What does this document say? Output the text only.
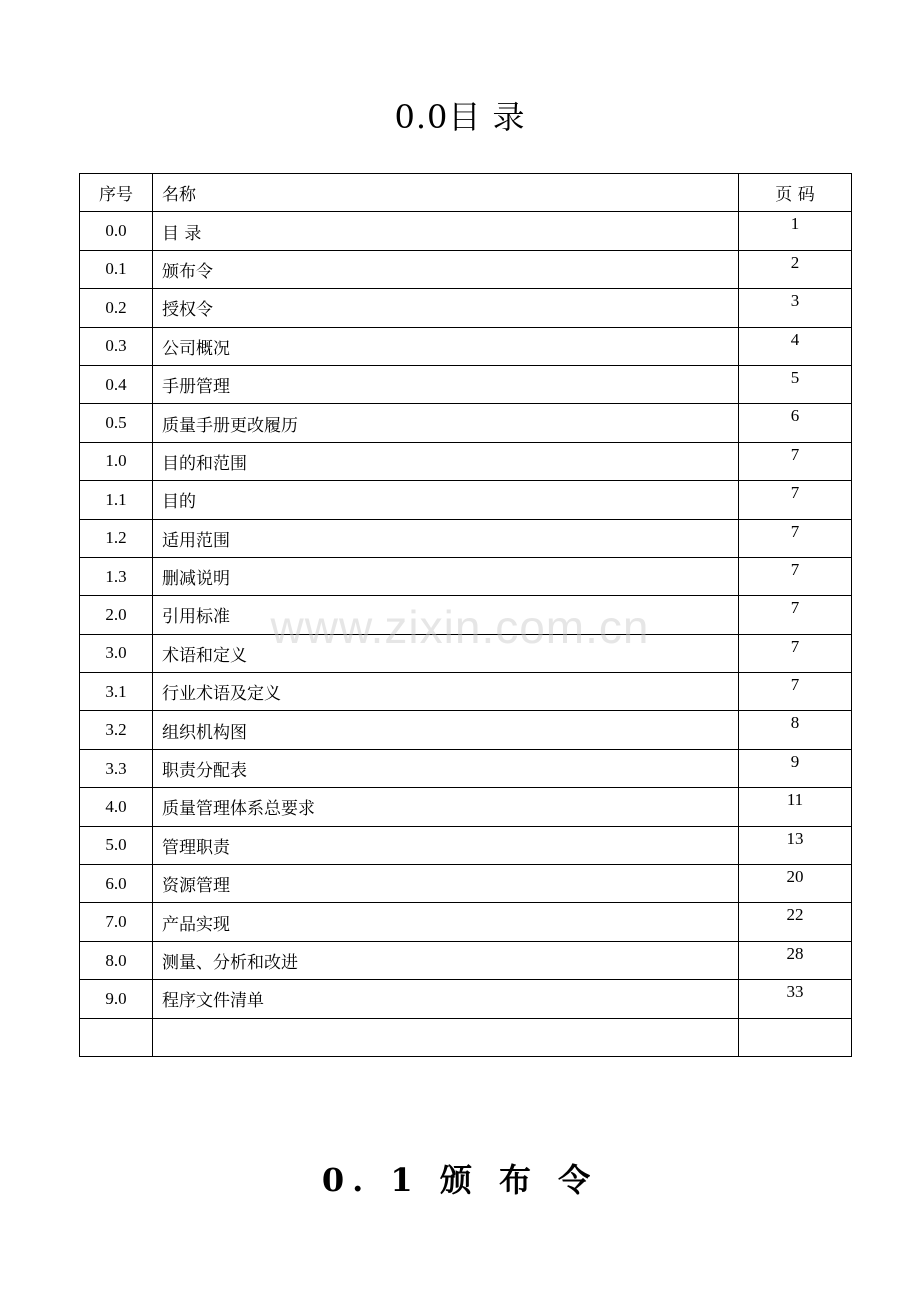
0.0目 录
序号	名称	页 码
0.0	目 录	1
0.1	颁布令	2
0.2	授权令	3
0.3	公司概况	4
0.4	手册管理	5
0.5	质量手册更改履历	6
1.0	目的和范围	7
1.1	目的	7
1.2	适用范围	7
1.3	删减说明	7
2.0	引用标准	7
3.0	术语和定义	7
3.1	行业术语及定义	7
3.2	组织机构图	8
3.3	职责分配表	9
4.0	质量管理体系总要求	11
5.0	管理职责	13
6.0	资源管理	20
7.0	产品实现	22
8.0	测量、分析和改进	28
9.0	程序文件清单	33

www.zixin.com.cn
0. 1 颁 布 令
